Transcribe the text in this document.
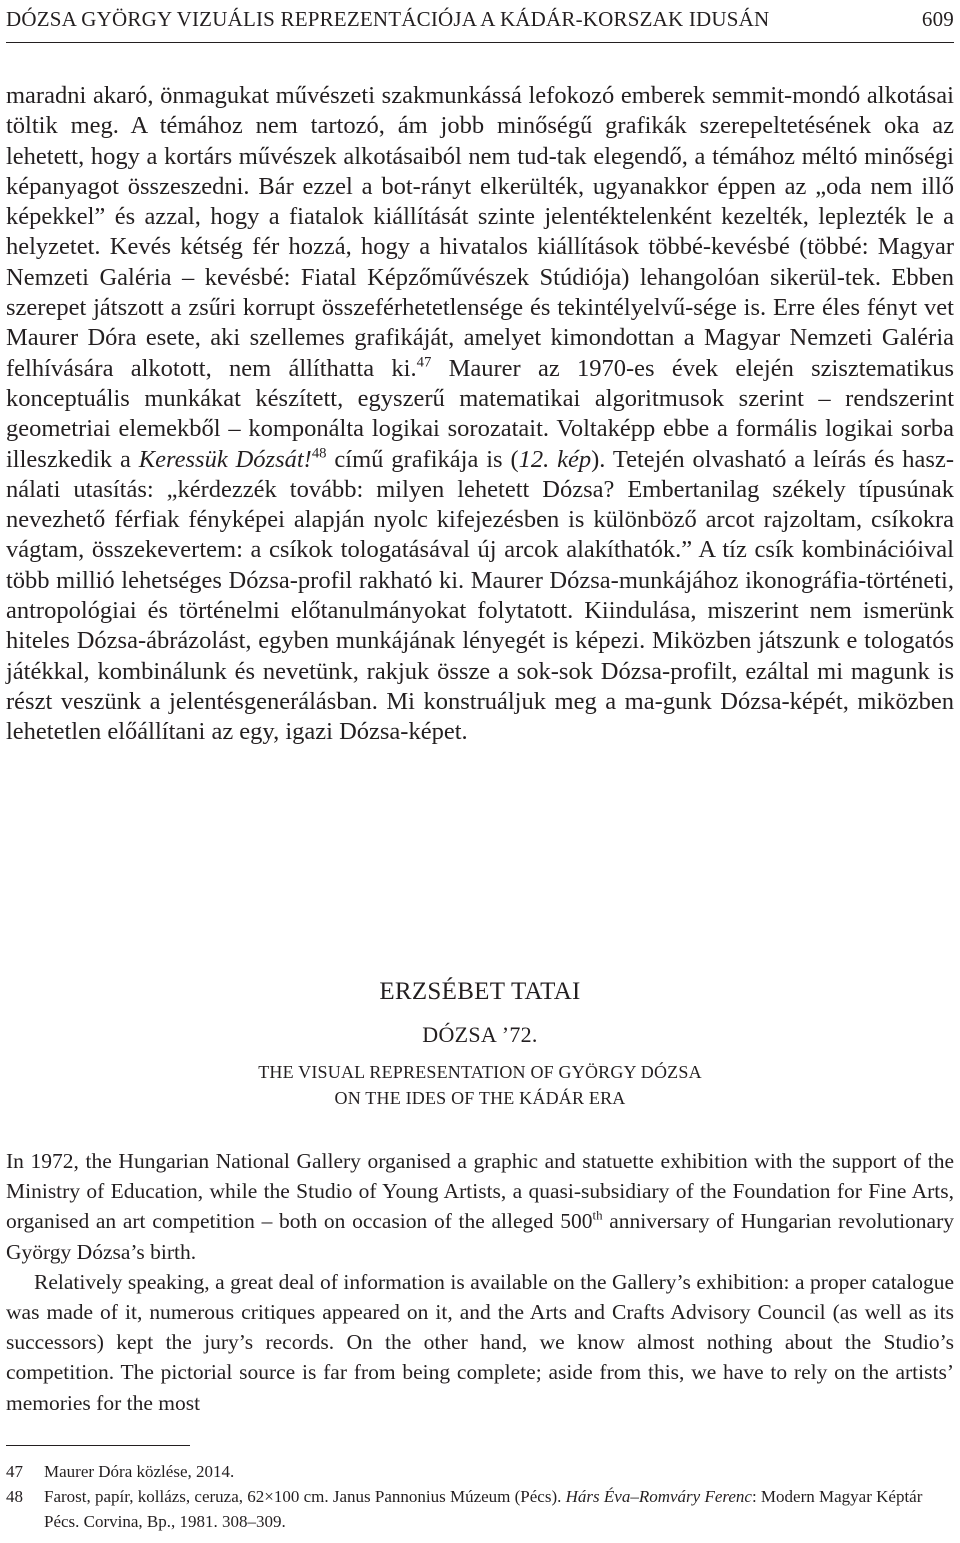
DÓZSA GYÖRGY VIZUÁLIS REPREZENTÁCIÓJA A KÁDÁR-KORSZAK IDUSÁN	609

maradni akaró, önmagukat művészeti szakmunkássá lefokozó emberek semmit-mondó alkotásai töltik meg. A témához nem tartozó, ám jobb minőségű grafikák szerepeltetésének oka az lehetett, hogy a kortárs művészek alkotásaiból nem tud-tak elegendő, a témához méltó minőségi képanyagot összeszedni. Bár ezzel a bot-rányt elkerülték, ugyanakkor éppen az „oda nem illő képekkel” és azzal, hogy a fiatalok kiállítását szinte jelentéktelenként kezelték, leplezték le a helyzetet. Kevés kétség fér hozzá, hogy a hivatalos kiállítások többé-kevésbé (többé: Magyar Nemzeti Galéria – kevésbé: Fiatal Képzőművészek Stúdiója) lehangolóan sikerül-tek. Ebben szerepet játszott a zsűri korrupt összeférhetetlensége és tekintélyelvű-sége is. Erre éles fényt vet Maurer Dóra esete, aki szellemes grafikáját, amelyet kimondottan a Magyar Nemzeti Galéria felhívására alkotott, nem állíthatta ki.$^{47}$ Maurer az 1970-es évek elején szisztematikus konceptuális munkákat készített, egyszerű matematikai algoritmusok szerint – rendszerint geometriai elemekből – komponálta logikai sorozatait. Voltaképp ebbe a formális logikai sorba illeszkedik a Keressük Dózsát!$^{48}$ című grafikája is (12. kép). Tetején olvasható a leírás és hasz-nálati utasítás: „kérdezzék tovább: milyen lehetett Dózsa? Embertanilag székely típusúnak nevezhető férfiak fényképei alapján nyolc kifejezésben is különböző arcot rajzoltam, csíkokra vágtam, összekevertem: a csíkok tologatásával új arcok alakíthatók.” A tíz csík kombinációival több millió lehetséges Dózsa-profil rakható ki. Maurer Dózsa-munkájához ikonográfia-történeti, antropológiai és történelmi előtanulmányokat folytatott. Kiindulása, miszerint nem ismerünk hiteles Dózsa-ábrázolást, egyben munkájának lényegét is képezi. Miközben játszunk e tologatós játékkal, kombinálunk és nevetünk, rakjuk össze a sok-sok Dózsa-profilt, ezáltal mi magunk is részt veszünk a jelentésgenerálásban. Mi konstruáljuk meg a ma-gunk Dózsa-képét, miközben lehetetlen előállítani az egy, igazi Dózsa-képet.

ERZSÉBET TATAI
DÓZSA ’72.
THE VISUAL REPRESENTATION OF GYÖRGY DÓZSA
ON THE IDES OF THE KÁDÁR ERA

In 1972, the Hungarian National Gallery organised a graphic and statuette exhibition with the support of the Ministry of Education, while the Studio of Young Artists, a quasi-subsidiary of the Foundation for Fine Arts, organised an art competition – both on occasion of the alleged 500th anniversary of Hungarian revolutionary György Dózsa’s birth.

Relatively speaking, a great deal of information is available on the Gallery’s exhibition: a proper catalogue was made of it, numerous critiques appeared on it, and the Arts and Crafts Advisory Council (as well as its successors) kept the jury’s records. On the other hand, we know almost nothing about the Studio’s competition. The pictorial source is far from being complete; aside from this, we have to rely on the artists’ memories for the most

47	Maurer Dóra közlése, 2014.
48	Farost, papír, kollázs, ceruza, 62×100 cm. Janus Pannonius Múzeum (Pécs). Hárs Éva–Romváry Ferenc: Modern Magyar Képtár Pécs. Corvina, Bp., 1981. 308–309.
